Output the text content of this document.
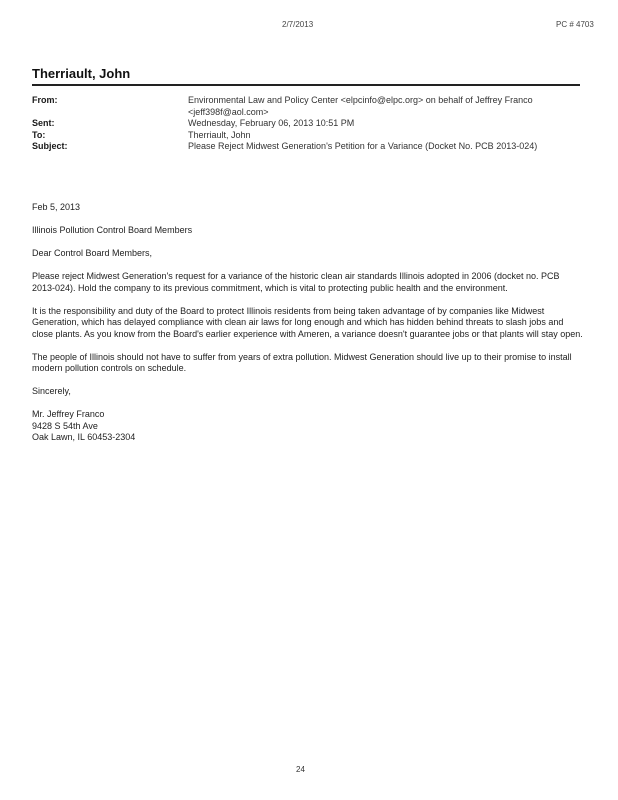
2/7/2013	PC # 4703
Therriault, John
From:	Environmental Law and Policy Center <elpcinfo@elpc.org> on behalf of Jeffrey Franco <jeff398f@aol.com>
Sent:	Wednesday, February 06, 2013 10:51 PM
To:	Therriault, John
Subject:	Please Reject Midwest Generation's Petition for a Variance (Docket No. PCB 2013-024)

Feb 5, 2013

Illinois Pollution Control Board Members

Dear Control Board Members,

Please reject Midwest Generation's request for a variance of the historic clean air standards Illinois adopted in 2006 (docket no. PCB 2013-024). Hold the company to its previous commitment, which is vital to protecting public health and the environment.

It is the responsibility and duty of the Board to protect Illinois residents from being taken advantage of by companies like Midwest Generation, which has delayed compliance with clean air laws for long enough and which has hidden behind threats to slash jobs and close plants. As you know from the Board's earlier experience with Ameren, a variance doesn't guarantee jobs or that plants will stay open.

The people of Illinois should not have to suffer from years of extra pollution. Midwest Generation should live up to their promise to install modern pollution controls on schedule.

Sincerely,

Mr. Jeffrey Franco
9428 S 54th Ave
Oak Lawn, IL 60453-2304
24
